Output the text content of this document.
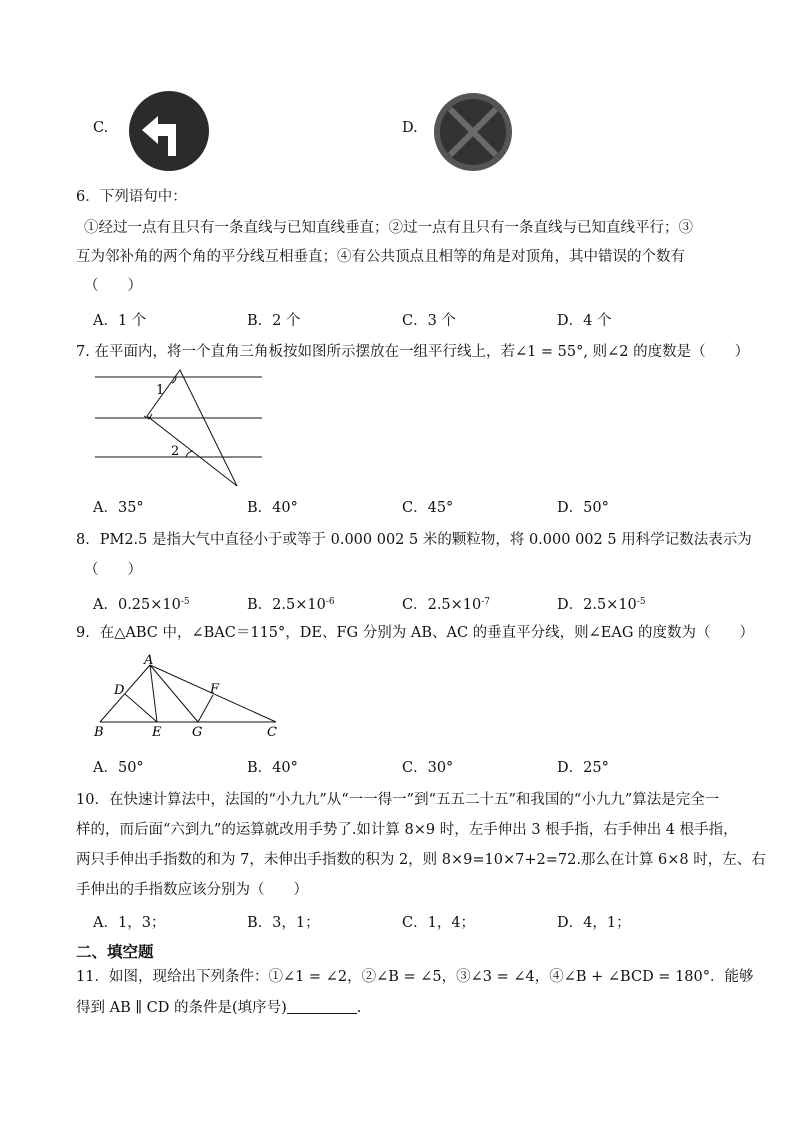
C.	D.
6．下列语句中：
①经过一点有且只有一条直线与已知直线垂直；②过一点有且只有一条直线与已知直线平行；③
互为邻补角的两个角的平分线互相垂直；④有公共顶点且相等的角是对顶角，其中错误的个数有
（　　）
A．1 个	B．2 个	C．3 个	D．4 个
7. 在平面内，将一个直角三角板按如图所示摆放在一组平行线上，若∠1 = 55°, 则∠2 的度数是（　　）
1
2
A．35°	B．40°	C．45°	D．50°
8．PM2.5 是指大气中直径小于或等于 0.000 002 5 米的颗粒物，将 0.000 002 5 用科学记数法表示为
（　　）
A．$0.25\times 10^{-5}$	B．$2.5\times 10^{-6}$	C．$2.5\times 10^{-7}$	D．$2.5\times 10^{-5}$
9．在△ABC 中，∠BAC＝115°，DE、FG 分别为 AB、AC 的垂直平分线，则∠EAG 的度数为（　　）
A
D
B	E G
F
C
A．50°	B．40°	C．30°	D．25°
10．在快速计算法中，法国的“小九九”从“一一得一”到“五五二十五”和我国的“小九九”算法是完全一
样的，而后面“六到九”的运算就改用手势了.如计算 8×9 时，左手伸出 3 根手指，右手伸出 4 根手指，
两只手伸出手指数的和为 7，未伸出手指数的积为 2，则 8×9=10×7+2=72.那么在计算 6×8 时，左、右
手伸出的手指数应该分别为（　　）
A．1，3；	B．3，1；	C．1，4；	D．4，1；
二、填空题
11．如图，现给出下列条件：①∠1 = ∠2，②∠B = ∠5，③∠3 = ∠4，④∠B + ∠BCD = 180°．能够
得到 AB ∥ CD 的条件是(填序号)	.
